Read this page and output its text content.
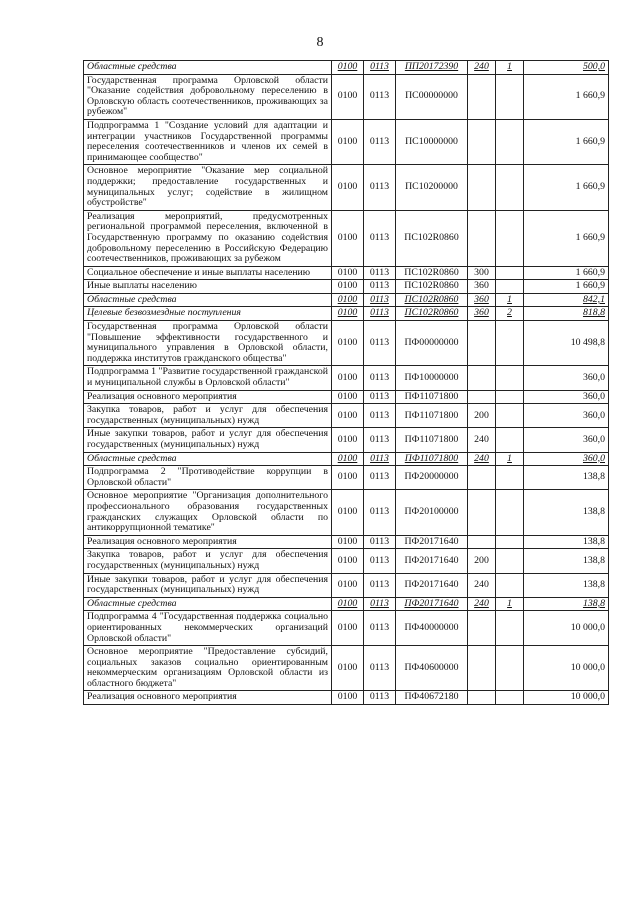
8
Областные средства	0100	0113	ПП20172390	240	1	500,0
Государственная программа Орловской области "Оказание содействия добровольному переселению в Орловскую область соотечественников, проживающих за рубежом"	0100	0113	ПС00000000			1 660,9
Подпрограмма 1 "Создание условий для адаптации и интеграции участников Государственной программы переселения соотечественников и членов их семей в принимающее сообщество"	0100	0113	ПС10000000			1 660,9
Основное мероприятие "Оказание мер социальной поддержки; предоставление государственных и муниципальных услуг; содействие в жилищном обустройстве"	0100	0113	ПС10200000			1 660,9
Реализация мероприятий, предусмотренных региональной программой переселения, включенной в Государственную программу по оказанию содействия добровольному переселению в Российскую Федерацию соотечественников, проживающих за рубежом	0100	0113	ПС102R0860			1 660,9
Социальное обеспечение и иные выплаты населению	0100	0113	ПС102R0860	300		1 660,9
Иные выплаты населению	0100	0113	ПС102R0860	360		1 660,9
Областные средства	0100	0113	ПС102R0860	360	1	842,1
Целевые безвозмездные поступления	0100	0113	ПС102R0860	360	2	818,8
Государственная программа Орловской области "Повышение эффективности государственного и муниципального управления в Орловской области, поддержка институтов гражданского общества"	0100	0113	ПФ00000000			10 498,8
Подпрограмма 1 "Развитие государственной гражданской и муниципальной службы в Орловской области"	0100	0113	ПФ10000000			360,0
Реализация основного мероприятия	0100	0113	ПФ11071800			360,0
Закупка товаров, работ и услуг для обеспечения государственных (муниципальных) нужд	0100	0113	ПФ11071800	200		360,0
Иные закупки товаров, работ и услуг для обеспечения государственных (муниципальных) нужд	0100	0113	ПФ11071800	240		360,0
Областные средства	0100	0113	ПФ11071800	240	1	360,0
Подпрограмма 2 "Противодействие коррупции в Орловской области"	0100	0113	ПФ20000000			138,8
Основное мероприятие "Организация дополнительного профессионального образования государственных гражданских служащих Орловской области по антикоррупционной тематике"	0100	0113	ПФ20100000			138,8
Реализация основного мероприятия	0100	0113	ПФ20171640			138,8
Закупка товаров, работ и услуг для обеспечения государственных (муниципальных) нужд	0100	0113	ПФ20171640	200		138,8
Иные закупки товаров, работ и услуг для обеспечения государственных (муниципальных) нужд	0100	0113	ПФ20171640	240		138,8
Областные средства	0100	0113	ПФ20171640	240	1	138,8
Подпрограмма 4 "Государственная поддержка социально ориентированных некоммерческих организаций Орловской области"	0100	0113	ПФ40000000			10 000,0
Основное мероприятие "Предоставление субсидий, социальных заказов социально ориентированным некоммерческим организациям Орловской области из областного бюджета"	0100	0113	ПФ40600000			10 000,0
Реализация основного мероприятия	0100	0113	ПФ40672180			10 000,0
